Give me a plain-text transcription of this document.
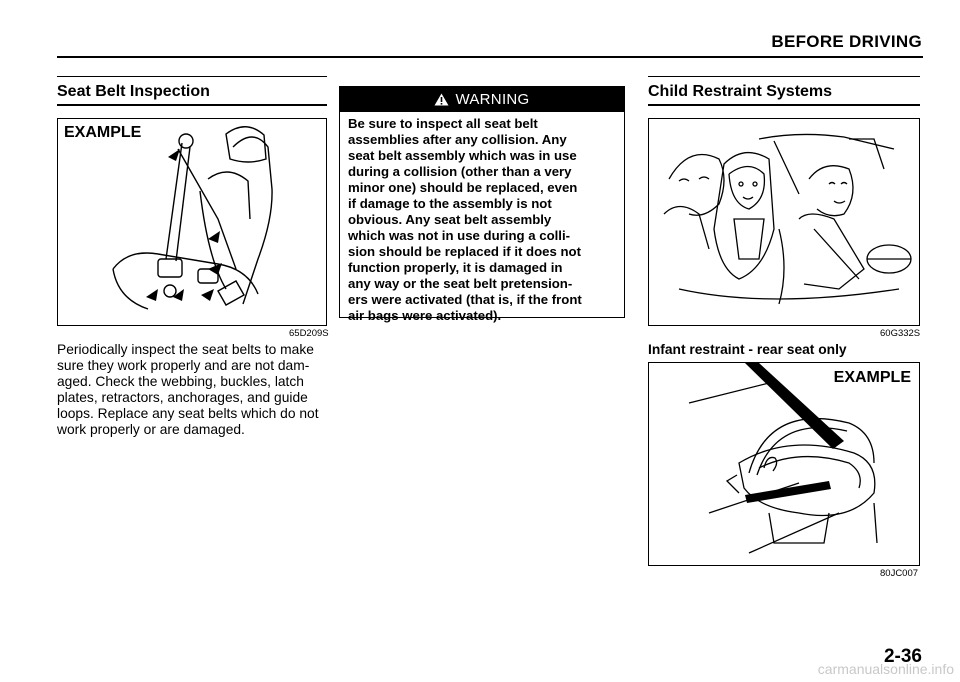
BEFORE DRIVING
Seat Belt Inspection
EXAMPLE
65D209S
Periodically inspect the seat belts to make
sure they work properly and are not dam-
aged. Check the webbing, buckles, latch
plates, retractors, anchorages, and guide
loops. Replace any seat belts which do not
work properly or are damaged.
WARNING
Be sure to inspect all seat belt
assemblies after any collision. Any
seat belt assembly which was in use
during a collision (other than a very
minor one) should be replaced, even
if damage to the assembly is not
obvious. Any seat belt assembly
which was not in use during a colli-
sion should be replaced if it does not
function properly, it is damaged in
any way or the seat belt pretension-
ers were activated (that is, if the front
air bags were activated).
Child Restraint Systems
60G332S
Infant restraint - rear seat only
EXAMPLE
80JC007
2-36
carmanualsonline.info
